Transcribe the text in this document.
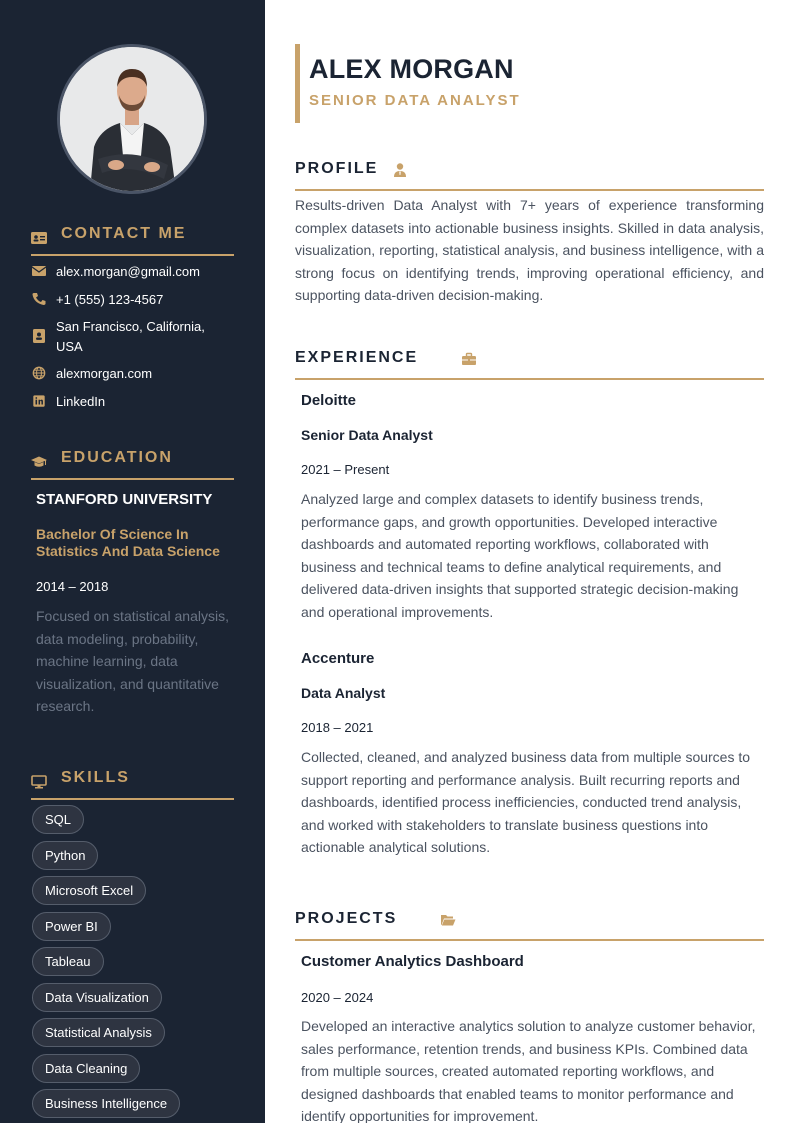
CONTACT ME
alex.morgan@gmail.com
+1 (555) 123-4567
San Francisco, California, USA
alexmorgan.com
LinkedIn
EDUCATION
STANFORD UNIVERSITY
Bachelor Of Science In Statistics And Data Science
2014 – 2018
Focused on statistical analysis, data modeling, probability, machine learning, data visualization, and quantitative research.
SKILLS
SQL
Python
Microsoft Excel
Power BI
Tableau
Data Visualization
Statistical Analysis
Data Cleaning
Business Intelligence
ALEX MORGAN
SENIOR DATA ANALYST
PROFILE
Results-driven Data Analyst with 7+ years of experience transforming complex datasets into actionable business insights. Skilled in data analysis, visualization, reporting, statistical analysis, and business intelligence, with a strong focus on identifying trends, improving operational efficiency, and supporting data-driven decision-making.
EXPERIENCE
Deloitte
Senior Data Analyst
2021 – Present
Analyzed large and complex datasets to identify business trends, performance gaps, and growth opportunities. Developed interactive dashboards and automated reporting workflows, collaborated with business and technical teams to define analytical requirements, and delivered data-driven insights that supported strategic decision-making and operational improvements.
Accenture
Data Analyst
2018 – 2021
Collected, cleaned, and analyzed business data from multiple sources to support reporting and performance analysis. Built recurring reports and dashboards, identified process inefficiencies, conducted trend analysis, and worked with stakeholders to translate business questions into actionable analytical solutions.
PROJECTS
Customer Analytics Dashboard
2020 – 2024
Developed an interactive analytics solution to analyze customer behavior, sales performance, retention trends, and business KPIs. Combined data from multiple sources, created automated reporting workflows, and designed dashboards that enabled teams to monitor performance and identify opportunities for improvement.
